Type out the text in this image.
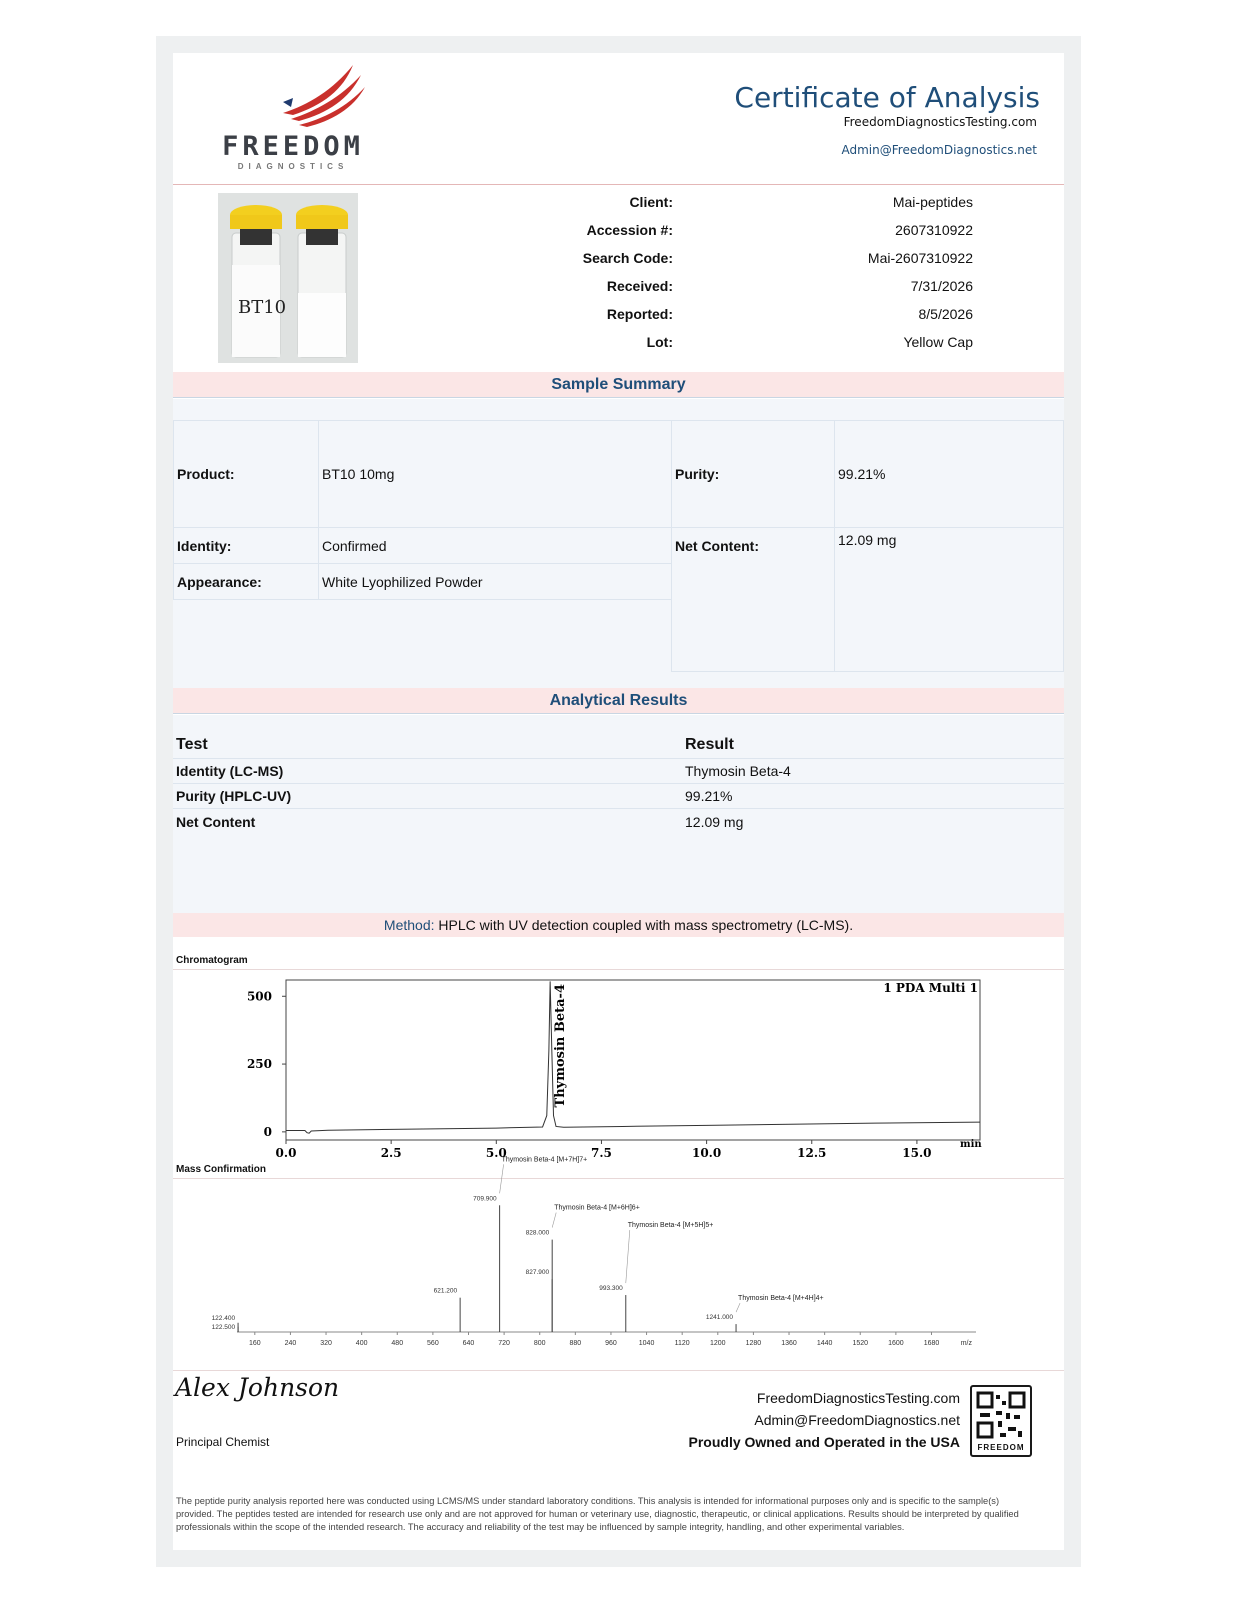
FREEDOM
DIAGNOSTICS
Certificate of Analysis
FreedomDiagnosticsTesting.com
Admin@FreedomDiagnostics.net
BT10
Client:	Mai-peptides
Accession #:	2607310922
Search Code:	Mai-2607310922
Received:	7/31/2026
Reported:	8/5/2026
Lot:	Yellow Cap
Sample Summary
Product:	BT10 10mg	Purity:	99.21%
Identity:	Confirmed	Net Content:	12.09 mg
Appearance:	White Lyophilized Powder		

Analytical Results
Test	Result
Identity (LC-MS)	Thymosin Beta-4
Purity (HPLC-UV)	99.21%
Net Content	12.09 mg
Method: HPLC with UV detection coupled with mass spectrometry (LC-MS).
Chromatogram
0.0	2.5	5.0	7.5	10.0	12.5	15.0
0
250
500
min
1 PDA Multi 1
Thymosin Beta-4
Mass Confirmation
160	240	320	400	480	560	640	720	800	880	960	1040	1120	1200	1280	1360	1440	1520	1600	1680	m/z
122.400
122.500
621.200
709.900
828.000
827.900
993.300
1241.000
Thymosin Beta-4 [M+7H]7+
Thymosin Beta-4 [M+5H]5+
Thymosin Beta-4 [M+6H]6+
Thymosin Beta-4 [M+4H]4+
Alex Johnson
Principal Chemist
FreedomDiagnosticsTesting.com
Admin@FreedomDiagnostics.net
Proudly Owned and Operated in the USA	FREEDOM
The peptide purity analysis reported here was conducted using LCMS/MS under standard laboratory conditions. This analysis is intended for informational purposes only and is specific to the sample(s) provided. The peptides tested are intended for research use only and are not approved for human or veterinary use, diagnostic, therapeutic, or clinical applications. Results should be interpreted by qualified professionals within the scope of the intended research. The accuracy and reliability of the test may be influenced by sample integrity, handling, and other experimental variables.
